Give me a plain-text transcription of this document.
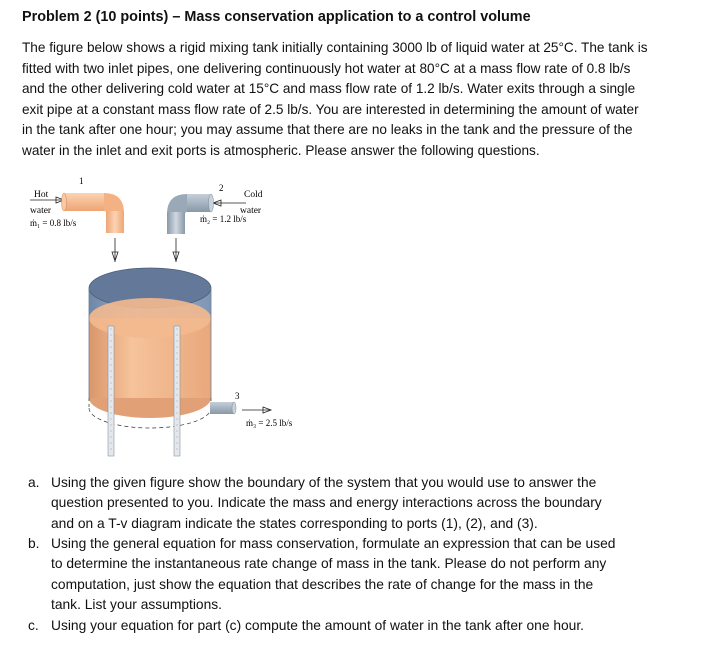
Problem 2 (10 points) – Mass conservation application to a control volume

The figure below shows a rigid mixing tank initially containing 3000 lb of liquid water at 25°C. The tank is
fitted with two inlet pipes, one delivering continuously hot water at 80°C at a mass flow rate of 0.8 lb/s
and the other delivering cold water at 15°C and mass flow rate of 1.2 lb/s. Water exits through a single
exit pipe at a constant mass flow rate of 2.5 lb/s. You are interested in determining the amount of water
in the tank after one hour; you may assume that there are no leaks in the tank and the pressure of the
water in the inlet and exit ports is atmospheric. Please answer the following questions.

1
Hot
water
ṁ₁ = 0.8 lb/s
2
Cold
water
ṁ₂ = 1.2 lb/s
3
ṁ₃ = 2.5 lb/s
a. Using the given figure show the boundary of the system that you would use to answer the
question presented to you. Indicate the mass and energy interactions across the boundary
and on a T-v diagram indicate the states corresponding to ports (1), (2), and (3).
b. Using the general equation for mass conservation, formulate an expression that can be used
to determine the instantaneous rate change of mass in the tank. Please do not perform any
computation, just show the equation that describes the rate of change for the mass in the
tank. List your assumptions.
c. Using your equation for part (c) compute the amount of water in the tank after one hour.
